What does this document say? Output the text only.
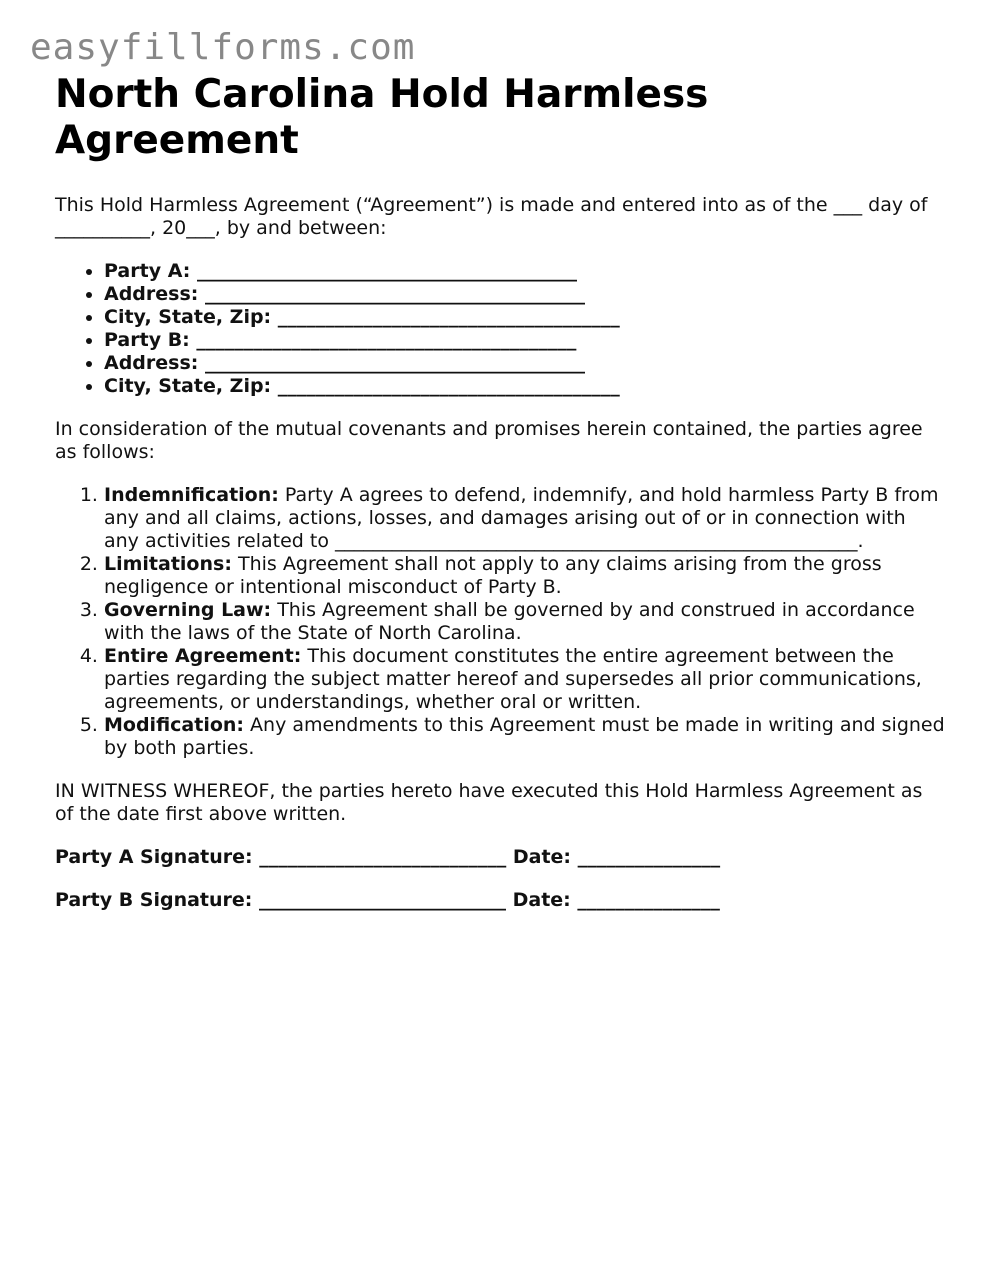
easyfillforms.com
North Carolina Hold Harmless Agreement

This Hold Harmless Agreement (“Agreement”) is made and entered into as of the ___ day of __________, 20___, by and between:

• Party A: ________________________________________
• Address: ________________________________________
• City, State, Zip: ____________________________________
• Party B: ________________________________________
• Address: ________________________________________
• City, State, Zip: ____________________________________

In consideration of the mutual covenants and promises herein contained, the parties agree as follows:

1. Indemnification: Party A agrees to defend, indemnify, and hold harmless Party B from any and all claims, actions, losses, and damages arising out of or in connection with any activities related to _______________________________________________________.
2. Limitations: This Agreement shall not apply to any claims arising from the gross negligence or intentional misconduct of Party B.
3. Governing Law: This Agreement shall be governed by and construed in accordance with the laws of the State of North Carolina.
4. Entire Agreement: This document constitutes the entire agreement between the parties regarding the subject matter hereof and supersedes all prior communications, agreements, or understandings, whether oral or written.
5. Modification: Any amendments to this Agreement must be made in writing and signed by both parties.

IN WITNESS WHEREOF, the parties hereto have executed this Hold Harmless Agreement as of the date first above written.

Party A Signature: __________________________ Date: _______________
Party B Signature: __________________________ Date: _______________
